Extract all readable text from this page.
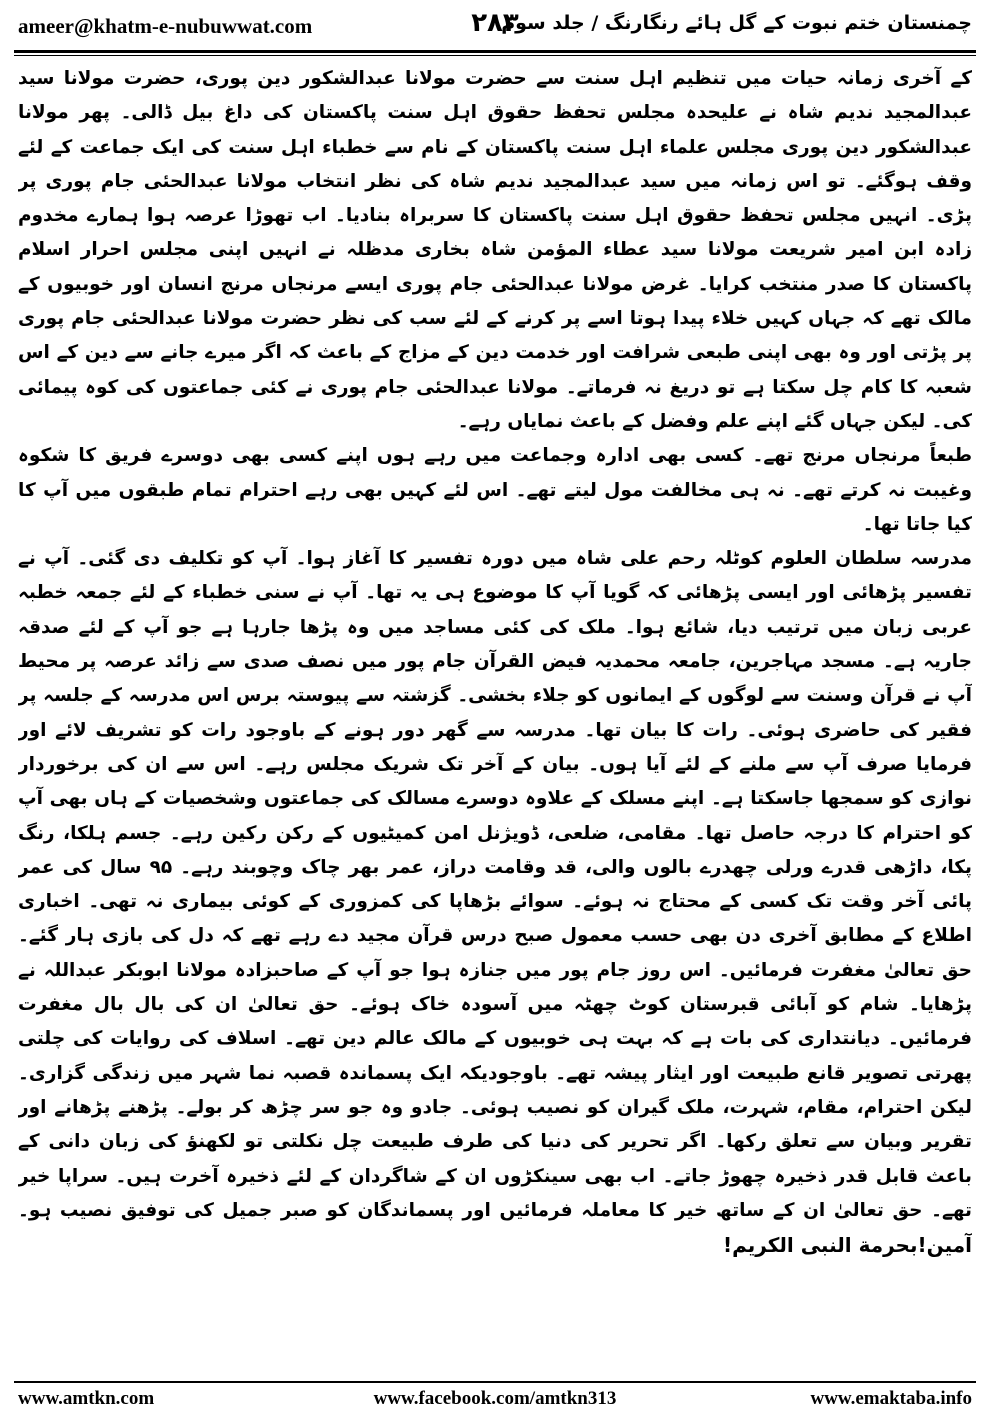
ameer@khatm-e-nubuwwat.com	۲۸۳
چمنستان ختم نبوت کے گل ہائے رنگارنگ / جلد سوم

کے آخری زمانہ حیات میں تنظیم اہل سنت سے حضرت مولانا عبدالشکور دین پوری، حضرت مولانا سید عبدالمجید ندیم شاہ نے علیحدہ مجلس تحفظ حقوق اہل سنت پاکستان کی داغ بیل ڈالی۔ پھر مولانا عبدالشکور دین پوری مجلس علماء اہل سنت پاکستان کے نام سے خطباء اہل سنت کی ایک جماعت کے لئے وقف ہوگئے۔ تو اس زمانہ میں سید عبدالمجید ندیم شاہ کی نظر انتخاب مولانا عبدالحئی جام پوری پر پڑی۔ انہیں مجلس تحفظ حقوق اہل سنت پاکستان کا سربراہ بنادیا۔ اب تھوڑا عرصہ ہوا ہمارے مخدوم زادہ ابن امیر شریعت مولانا سید عطاء المؤمن شاہ بخاری مدظلہ نے انہیں اپنی مجلس احرار اسلام پاکستان کا صدر منتخب کرایا۔ غرض مولانا عبدالحئی جام پوری ایسے مرنجاں مرنج انسان اور خوبیوں کے مالک تھے کہ جہاں کہیں خلاء پیدا ہوتا اسے پر کرنے کے لئے سب کی نظر حضرت مولانا عبدالحئی جام پوری پر پڑتی اور وہ بھی اپنی طبعی شرافت اور خدمت دین کے مزاج کے باعث کہ اگر میرے جانے سے دین کے اس شعبہ کا کام چل سکتا ہے تو دریغ نہ فرماتے۔ مولانا عبدالحئی جام پوری نے کئی جماعتوں کی کوہ پیمائی کی۔ لیکن جہاں گئے اپنے علم وفضل کے باعث نمایاں رہے۔

طبعاً مرنجاں مرنج تھے۔ کسی بھی ادارہ وجماعت میں رہے ہوں اپنے کسی بھی دوسرے فریق کا شکوہ وغیبت نہ کرتے تھے۔ نہ ہی مخالفت مول لیتے تھے۔ اس لئے کہیں بھی رہے احترام تمام طبقوں میں آپ کا کیا جاتا تھا۔

مدرسہ سلطان العلوم کوٹلہ رحم علی شاہ میں دورہ تفسیر کا آغاز ہوا۔ آپ کو تکلیف دی گئی۔ آپ نے تفسیر پڑھائی اور ایسی پڑھائی کہ گویا آپ کا موضوع ہی یہ تھا۔ آپ نے سنی خطباء کے لئے جمعہ خطبہ عربی زبان میں ترتیب دیا، شائع ہوا۔ ملک کی کئی مساجد میں وہ پڑھا جارہا ہے جو آپ کے لئے صدقہ جاریہ ہے۔ مسجد مہاجرین، جامعہ محمدیہ فیض القرآن جام پور میں نصف صدی سے زائد عرصہ پر محیط آپ نے قرآن وسنت سے لوگوں کے ایمانوں کو جلاء بخشی۔ گزشتہ سے پیوستہ برس اس مدرسہ کے جلسہ پر فقیر کی حاضری ہوئی۔ رات کا بیان تھا۔ مدرسہ سے گھر دور ہونے کے باوجود رات کو تشریف لائے اور فرمایا صرف آپ سے ملنے کے لئے آیا ہوں۔ بیان کے آخر تک شریک مجلس رہے۔ اس سے ان کی برخوردار نوازی کو سمجھا جاسکتا ہے۔ اپنے مسلک کے علاوہ دوسرے مسالک کی جماعتوں وشخصیات کے ہاں بھی آپ کو احترام کا درجہ حاصل تھا۔ مقامی، ضلعی، ڈویژنل امن کمیٹیوں کے رکن رکین رہے۔ جسم ہلکا، رنگ پکا، داڑھی قدرے ورلی چھدرے بالوں والی، قد وقامت دراز، عمر بھر چاک وچوبند رہے۔ ۹۵ سال کی عمر پائی آخر وقت تک کسی کے محتاج نہ ہوئے۔ سوائے بڑھاپا کی کمزوری کے کوئی بیماری نہ تھی۔ اخباری اطلاع کے مطابق آخری دن بھی حسب معمول صبح درس قرآن مجید دے رہے تھے کہ دل کی بازی ہار گئے۔ حق تعالیٰ مغفرت فرمائیں۔ اس روز جام پور میں جنازہ ہوا جو آپ کے صاحبزادہ مولانا ابوبکر عبداللہ نے پڑھایا۔ شام کو آبائی قبرستان کوٹ چھٹہ میں آسودہ خاک ہوئے۔ حق تعالیٰ ان کی بال بال مغفرت فرمائیں۔ دیانتداری کی بات ہے کہ بہت ہی خوبیوں کے مالک عالم دین تھے۔ اسلاف کی روایات کی چلتی پھرتی تصویر قانع طبیعت اور ایثار پیشہ تھے۔ باوجودیکہ ایک پسماندہ قصبہ نما شہر میں زندگی گزاری۔ لیکن احترام، مقام، شہرت، ملک گیران کو نصیب ہوئی۔ جادو وہ جو سر چڑھ کر بولے۔ پڑھنے پڑھانے اور تقریر وبیان سے تعلق رکھا۔ اگر تحریر کی دنیا کی طرف طبیعت چل نکلتی تو لکھنؤ کی زبان دانی کے باعث قابل قدر ذخیرہ چھوڑ جاتے۔ اب بھی سینکڑوں ان کے شاگردان کے لئے ذخیرہ آخرت ہیں۔ سراپا خیر تھے۔ حق تعالیٰ ان کے ساتھ خیر کا معاملہ فرمائیں اور پسماندگان کو صبر جمیل کی توفیق نصیب ہو۔ آمین!بحرمة النبی الکریم!

www.amtkn.com	www.facebook.com/amtkn313	www.emaktaba.info
